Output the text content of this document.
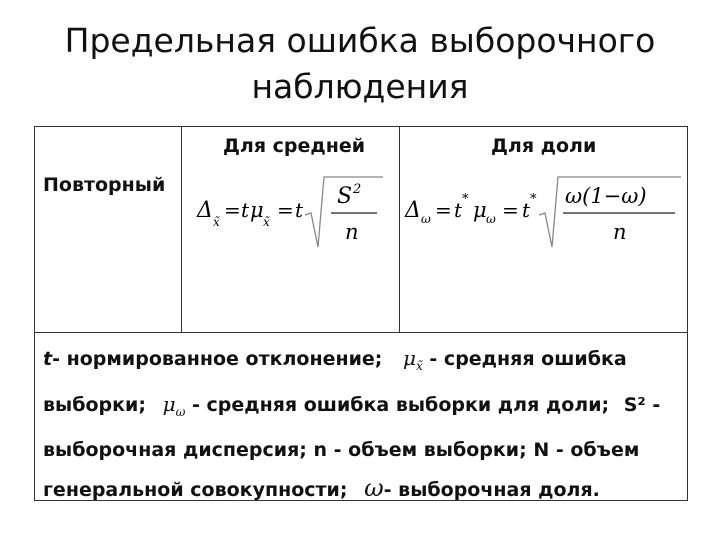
Предельная ошибка выборочного
наблюдения
Для средней	Для доли
Повторный
Δ x̃ = t μ x̃ = t
S 2
n
Δ ω = t * μ ω = t * ω(1−ω)
n
t- нормированное отклонение; $\mu_{x̃}$ - средняя ошибка
выборки; $\mu_\omega$ - средняя ошибка выборки для доли; S² -
выборочная дисперсия; n - объем выборки; N - объем
генеральной совокупности; ω- выборочная доля.
